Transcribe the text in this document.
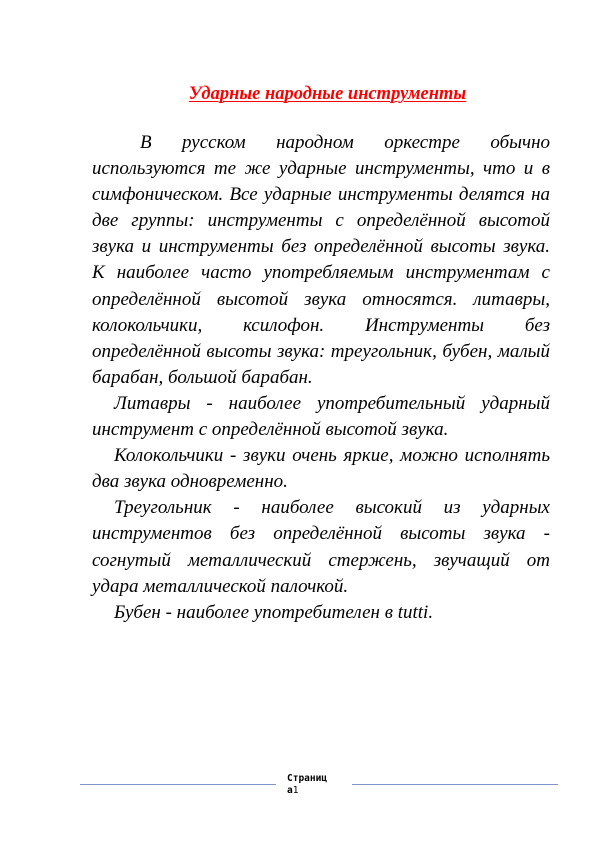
Ударные народные инструменты

В русском народном оркестре обычно используются те же ударные инструменты, что и в симфоническом. Все ударные инструменты делятся на две группы: инструменты с определённой высотой звука и инструменты без определённой высоты звука. К наиболее часто употребляемым инструментам с определённой высотой звука относятся. литавры, колокольчики, ксилофон. Инструменты без определённой высоты звука: треугольник, бубен, малый барабан, большой барабан.

Литавры - наиболее употребительный ударный инструмент с определённой высотой звука.

Колокольчики - звуки очень яркие, можно исполнять два звука одновременно.

Треугольник - наиболее высокий из ударных инструментов без определённой высоты звука - согнутый металлический стержень, звучащий от удара металлической палочкой.

Бубен - наиболее употребителен в tutti.

Страниц
а1
